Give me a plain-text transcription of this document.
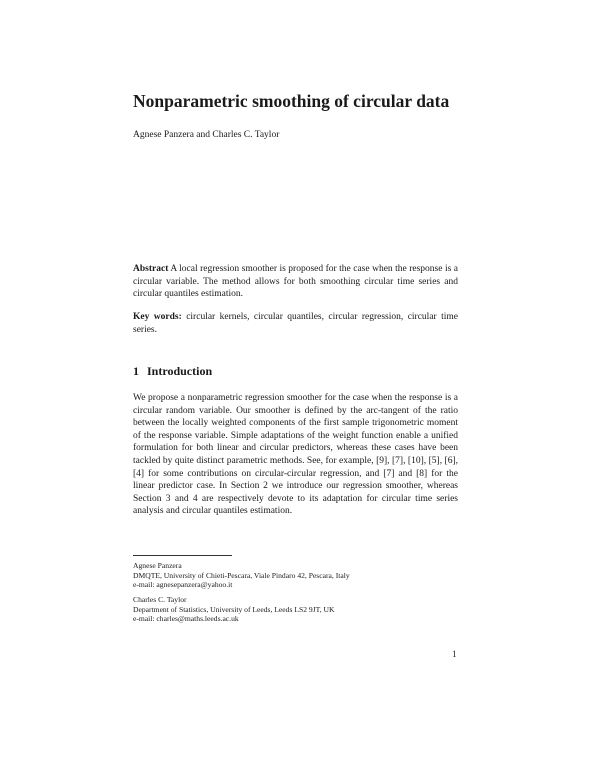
Nonparametric smoothing of circular data
Agnese Panzera and Charles C. Taylor
Abstract A local regression smoother is proposed for the case when the response is a circular variable. The method allows for both smoothing circular time series and circular quantiles estimation.
Key words: circular kernels, circular quantiles, circular regression, circular time series.
1 Introduction
We propose a nonparametric regression smoother for the case when the response is a circular random variable. Our smoother is defined by the arc-tangent of the ratio between the locally weighted components of the first sample trigonometric moment of the response variable. Simple adaptations of the weight function enable a unified formulation for both linear and circular predictors, whereas these cases have been tackled by quite distinct parametric methods. See, for example, [9], [7], [10], [5], [6], [4] for some contributions on circular-circular regression, and [7] and [8] for the linear predictor case. In Section 2 we introduce our regression smoother, whereas Section 3 and 4 are respectively devote to its adaptation for circular time series analysis and circular quantiles estimation.
Agnese Panzera
DMQTE, University of Chieti-Pescara, Viale Pindaro 42, Pescara, Italy
e-mail: agnesepanzera@yahoo.it
Charles C. Taylor
Department of Statistics, University of Leeds, Leeds LS2 9JT, UK
e-mail: charles@maths.leeds.ac.uk
1
